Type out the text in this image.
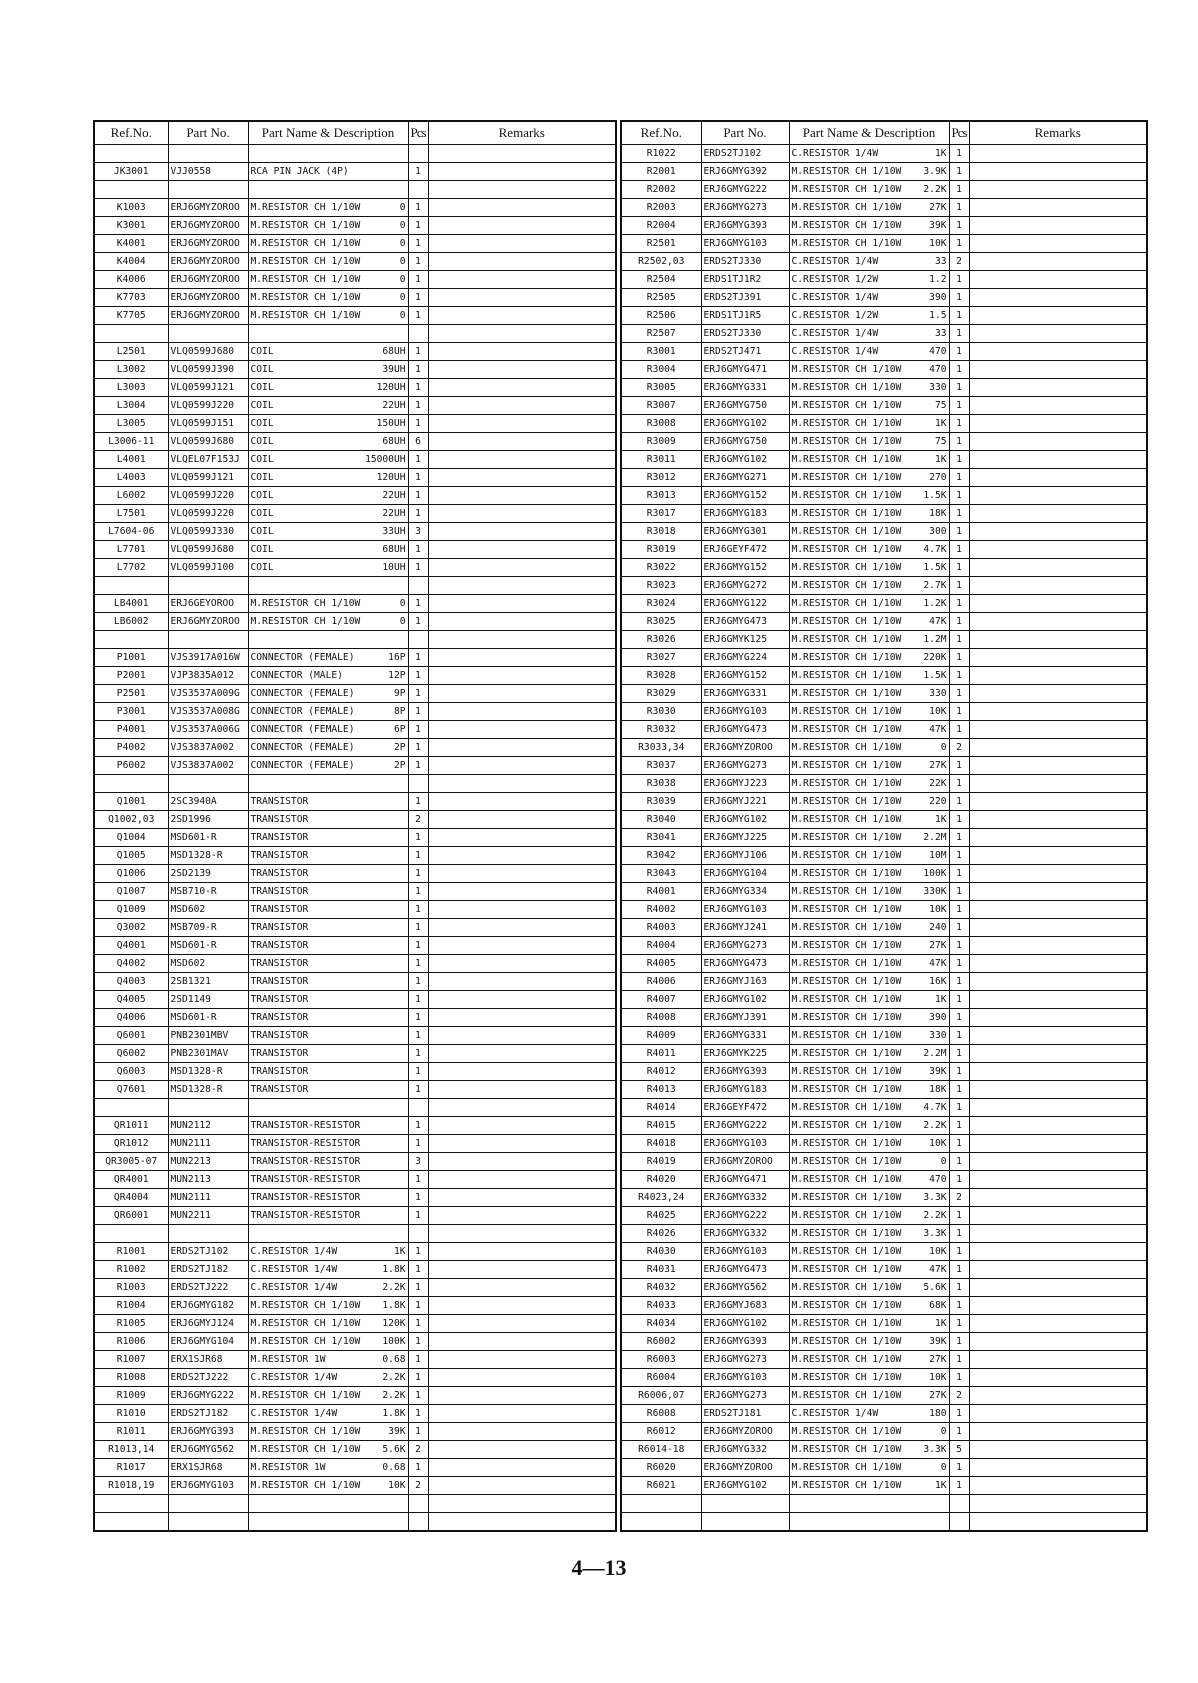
Ref.No.	Part No.	Part Name & Description	Pcs	Remarks

JK3001	VJJ0558	RCA PIN JACK (4P)	1	

K1003	ERJ6GMYZOROO	M.RESISTOR CH 1/10W 0	1	
K3001	ERJ6GMYZOROO	M.RESISTOR CH 1/10W 0	1	
K4001	ERJ6GMYZOROO	M.RESISTOR CH 1/10W 0	1	
K4004	ERJ6GMYZOROO	M.RESISTOR CH 1/10W 0	1	
K4006	ERJ6GMYZOROO	M.RESISTOR CH 1/10W 0	1	
K7703	ERJ6GMYZOROO	M.RESISTOR CH 1/10W 0	1	
K7705	ERJ6GMYZOROO	M.RESISTOR CH 1/10W 0	1	

L2501	VLQ0599J680	COIL 68UH	1	
L3002	VLQ0599J390	COIL 39UH	1	
L3003	VLQ0599J121	COIL 120UH	1	
L3004	VLQ0599J220	COIL 22UH	1	
L3005	VLQ0599J151	COIL 150UH	1	
L3006-11	VLQ0599J680	COIL 68UH	6	
L4001	VLQEL07F153J	COIL 15000UH	1	
L4003	VLQ0599J121	COIL 120UH	1	
L6002	VLQ0599J220	COIL 22UH	1	
L7501	VLQ0599J220	COIL 22UH	1	
L7604-06	VLQ0599J330	COIL 33UH	3	
L7701	VLQ0599J680	COIL 68UH	1	
L7702	VLQ0599J100	COIL 10UH	1	

LB4001	ERJ6GEYOROO	M.RESISTOR CH 1/10W 0	1	
LB6002	ERJ6GMYZOROO	M.RESISTOR CH 1/10W 0	1	

P1001	VJS3917A016W	CONNECTOR (FEMALE) 16P	1	
P2001	VJP3835A012	CONNECTOR (MALE) 12P	1	
P2501	VJS3537A009G	CONNECTOR (FEMALE) 9P	1	
P3001	VJS3537A008G	CONNECTOR (FEMALE) 8P	1	
P4001	VJS3537A006G	CONNECTOR (FEMALE) 6P	1	
P4002	VJS3837A002	CONNECTOR (FEMALE) 2P	1	
P6002	VJS3837A002	CONNECTOR (FEMALE) 2P	1	

Q1001	2SC3940A	TRANSISTOR	1	
Q1002,03	2SD1996	TRANSISTOR	2	
Q1004	MSD601-R	TRANSISTOR	1	
Q1005	MSD1328-R	TRANSISTOR	1	
Q1006	2SD2139	TRANSISTOR	1	
Q1007	MSB710-R	TRANSISTOR	1	
Q1009	MSD602	TRANSISTOR	1	
Q3002	MSB709-R	TRANSISTOR	1	
Q4001	MSD601-R	TRANSISTOR	1	
Q4002	MSD602	TRANSISTOR	1	
Q4003	2SB1321	TRANSISTOR	1	
Q4005	2SD1149	TRANSISTOR	1	
Q4006	MSD601-R	TRANSISTOR	1	
Q6001	PNB2301MBV	TRANSISTOR	1	
Q6002	PNB2301MAV	TRANSISTOR	1	
Q6003	MSD1328-R	TRANSISTOR	1	
Q7601	MSD1328-R	TRANSISTOR	1	

QR1011	MUN2112	TRANSISTOR-RESISTOR	1	
QR1012	MUN2111	TRANSISTOR-RESISTOR	1	
QR3005-07	MUN2213	TRANSISTOR-RESISTOR	3	
QR4001	MUN2113	TRANSISTOR-RESISTOR	1	
QR4004	MUN2111	TRANSISTOR-RESISTOR	1	
QR6001	MUN2211	TRANSISTOR-RESISTOR	1	

R1001	ERDS2TJ102	C.RESISTOR 1/4W 1K	1	
R1002	ERDS2TJ182	C.RESISTOR 1/4W 1.8K	1	
R1003	ERDS2TJ222	C.RESISTOR 1/4W 2.2K	1	
R1004	ERJ6GMYG182	M.RESISTOR CH 1/10W 1.8K	1	
R1005	ERJ6GMYJ124	M.RESISTOR CH 1/10W 120K	1	
R1006	ERJ6GMYG104	M.RESISTOR CH 1/10W 100K	1	
R1007	ERX1SJR68	M.RESISTOR 1W 0.68	1	
R1008	ERDS2TJ222	C.RESISTOR 1/4W 2.2K	1	
R1009	ERJ6GMYG222	M.RESISTOR CH 1/10W 2.2K	1	
R1010	ERDS2TJ182	C.RESISTOR 1/4W 1.8K	1	
R1011	ERJ6GMYG393	M.RESISTOR CH 1/10W 39K	1	
R1013,14	ERJ6GMYG562	M.RESISTOR CH 1/10W 5.6K	2	
R1017	ERX1SJR68	M.RESISTOR 1W 0.68	1	
R1018,19	ERJ6GMYG103	M.RESISTOR CH 1/10W 10K	2	

Ref.No.	Part No.	Part Name & Description	Pcs	Remarks
R1022	ERDS2TJ102	C.RESISTOR 1/4W 1K	1	
R2001	ERJ6GMYG392	M.RESISTOR CH 1/10W 3.9K	1	
R2002	ERJ6GMYG222	M.RESISTOR CH 1/10W 2.2K	1	
R2003	ERJ6GMYG273	M.RESISTOR CH 1/10W 27K	1	
R2004	ERJ6GMYG393	M.RESISTOR CH 1/10W 39K	1	
R2501	ERJ6GMYG103	M.RESISTOR CH 1/10W 10K	1	
R2502,03	ERDS2TJ330	C.RESISTOR 1/4W 33	2	
R2504	ERDS1TJ1R2	C.RESISTOR 1/2W 1.2	1	
R2505	ERDS2TJ391	C.RESISTOR 1/4W 390	1	
R2506	ERDS1TJ1R5	C.RESISTOR 1/2W 1.5	1	
R2507	ERDS2TJ330	C.RESISTOR 1/4W 33	1	
R3001	ERDS2TJ471	C.RESISTOR 1/4W 470	1	
R3004	ERJ6GMYG471	M.RESISTOR CH 1/10W 470	1	
R3005	ERJ6GMYG331	M.RESISTOR CH 1/10W 330	1	
R3007	ERJ6GMYG750	M.RESISTOR CH 1/10W 75	1	
R3008	ERJ6GMYG102	M.RESISTOR CH 1/10W 1K	1	
R3009	ERJ6GMYG750	M.RESISTOR CH 1/10W 75	1	
R3011	ERJ6GMYG102	M.RESISTOR CH 1/10W 1K	1	
R3012	ERJ6GMYG271	M.RESISTOR CH 1/10W 270	1	
R3013	ERJ6GMYG152	M.RESISTOR CH 1/10W 1.5K	1	
R3017	ERJ6GMYG183	M.RESISTOR CH 1/10W 18K	1	
R3018	ERJ6GMYG301	M.RESISTOR CH 1/10W 300	1	
R3019	ERJ6GEYF472	M.RESISTOR CH 1/10W 4.7K	1	
R3022	ERJ6GMYG152	M.RESISTOR CH 1/10W 1.5K	1	
R3023	ERJ6GMYG272	M.RESISTOR CH 1/10W 2.7K	1	
R3024	ERJ6GMYG122	M.RESISTOR CH 1/10W 1.2K	1	
R3025	ERJ6GMYG473	M.RESISTOR CH 1/10W 47K	1	
R3026	ERJ6GMYK125	M.RESISTOR CH 1/10W 1.2M	1	
R3027	ERJ6GMYG224	M.RESISTOR CH 1/10W 220K	1	
R3028	ERJ6GMYG152	M.RESISTOR CH 1/10W 1.5K	1	
R3029	ERJ6GMYG331	M.RESISTOR CH 1/10W 330	1	
R3030	ERJ6GMYG103	M.RESISTOR CH 1/10W 10K	1	
R3032	ERJ6GMYG473	M.RESISTOR CH 1/10W 47K	1	
R3033,34	ERJ6GMYZOROO	M.RESISTOR CH 1/10W 0	2	
R3037	ERJ6GMYG273	M.RESISTOR CH 1/10W 27K	1	
R3038	ERJ6GMYJ223	M.RESISTOR CH 1/10W 22K	1	
R3039	ERJ6GMYJ221	M.RESISTOR CH 1/10W 220	1	
R3040	ERJ6GMYG102	M.RESISTOR CH 1/10W 1K	1	
R3041	ERJ6GMYJ225	M.RESISTOR CH 1/10W 2.2M	1	
R3042	ERJ6GMYJ106	M.RESISTOR CH 1/10W 10M	1	
R3043	ERJ6GMYG104	M.RESISTOR CH 1/10W 100K	1	
R4001	ERJ6GMYG334	M.RESISTOR CH 1/10W 330K	1	
R4002	ERJ6GMYG103	M.RESISTOR CH 1/10W 10K	1	
R4003	ERJ6GMYJ241	M.RESISTOR CH 1/10W 240	1	
R4004	ERJ6GMYG273	M.RESISTOR CH 1/10W 27K	1	
R4005	ERJ6GMYG473	M.RESISTOR CH 1/10W 47K	1	
R4006	ERJ6GMYJ163	M.RESISTOR CH 1/10W 16K	1	
R4007	ERJ6GMYG102	M.RESISTOR CH 1/10W 1K	1	
R4008	ERJ6GMYJ391	M.RESISTOR CH 1/10W 390	1	
R4009	ERJ6GMYG331	M.RESISTOR CH 1/10W 330	1	
R4011	ERJ6GMYK225	M.RESISTOR CH 1/10W 2.2M	1	
R4012	ERJ6GMYG393	M.RESISTOR CH 1/10W 39K	1	
R4013	ERJ6GMYG183	M.RESISTOR CH 1/10W 18K	1	
R4014	ERJ6GEYF472	M.RESISTOR CH 1/10W 4.7K	1	
R4015	ERJ6GMYG222	M.RESISTOR CH 1/10W 2.2K	1	
R4018	ERJ6GMYG103	M.RESISTOR CH 1/10W 10K	1	
R4019	ERJ6GMYZOROO	M.RESISTOR CH 1/10W 0	1	
R4020	ERJ6GMYG471	M.RESISTOR CH 1/10W 470	1	
R4023,24	ERJ6GMYG332	M.RESISTOR CH 1/10W 3.3K	2	
R4025	ERJ6GMYG222	M.RESISTOR CH 1/10W 2.2K	1	
R4026	ERJ6GMYG332	M.RESISTOR CH 1/10W 3.3K	1	
R4030	ERJ6GMYG103	M.RESISTOR CH 1/10W 10K	1	
R4031	ERJ6GMYG473	M.RESISTOR CH 1/10W 47K	1	
R4032	ERJ6GMYG562	M.RESISTOR CH 1/10W 5.6K	1	
R4033	ERJ6GMYJ683	M.RESISTOR CH 1/10W 68K	1	
R4034	ERJ6GMYG102	M.RESISTOR CH 1/10W 1K	1	
R6002	ERJ6GMYG393	M.RESISTOR CH 1/10W 39K	1	
R6003	ERJ6GMYG273	M.RESISTOR CH 1/10W 27K	1	
R6004	ERJ6GMYG103	M.RESISTOR CH 1/10W 10K	1	
R6006,07	ERJ6GMYG273	M.RESISTOR CH 1/10W 27K	2	
R6008	ERDS2TJ181	C.RESISTOR 1/4W 180	1	
R6012	ERJ6GMYZOROO	M.RESISTOR CH 1/10W 0	1	
R6014-18	ERJ6GMYG332	M.RESISTOR CH 1/10W 3.3K	5	
R6020	ERJ6GMYZOROO	M.RESISTOR CH 1/10W 0	1	
R6021	ERJ6GMYG102	M.RESISTOR CH 1/10W 1K	1	

4—13
